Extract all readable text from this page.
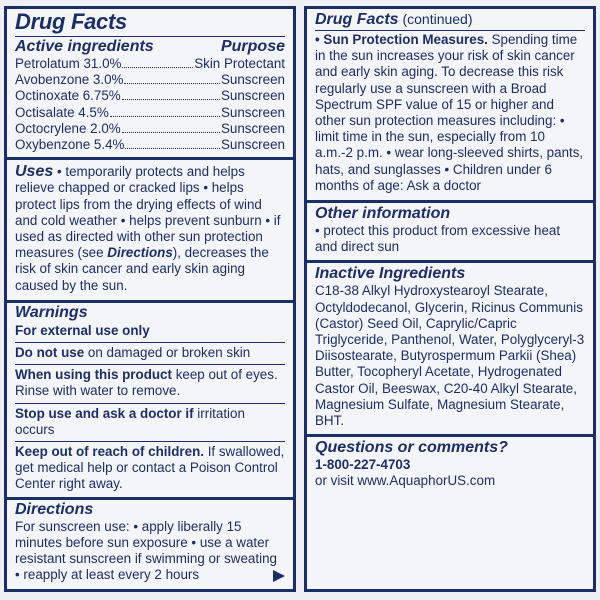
Drug Facts
Active ingredients	Purpose
Petrolatum 31.0%	Skin Protectant
Avobenzone 3.0%	Sunscreen
Octinoxate 6.75%	Sunscreen
Octisalate 4.5%	Sunscreen
Octocrylene 2.0%	Sunscreen
Oxybenzone 5.4%	Sunscreen
Uses • temporarily protects and helps relieve chapped or cracked lips • helps protect lips from the drying effects of wind and cold weather • helps prevent sunburn • if used as directed with other sun protection measures (see Directions), decreases the risk of skin cancer and early skin aging caused by the sun.
Warnings
For external use only
Do not use on damaged or broken skin
When using this product keep out of eyes. Rinse with water to remove.
Stop use and ask a doctor if irritation occurs
Keep out of reach of children. If swallowed, get medical help or contact a Poison Control Center right away.
Directions
For sunscreen use: • apply liberally 15 minutes before sun exposure • use a water resistant sunscreen if swimming or sweating • reapply at least every 2 hours
Drug Facts (continued)
• Sun Protection Measures. Spending time in the sun increases your risk of skin cancer and early skin aging. To decrease this risk regularly use a sunscreen with a Broad Spectrum SPF value of 15 or higher and other sun protection measures including: • limit time in the sun, especially from 10 a.m.-2 p.m. • wear long-sleeved shirts, pants, hats, and sunglasses • Children under 6 months of age: Ask a doctor
Other information
• protect this product from excessive heat and direct sun
Inactive Ingredients
C18-38 Alkyl Hydroxystearoyl Stearate, Octyldodecanol, Glycerin, Ricinus Communis (Castor) Seed Oil, Caprylic/Capric Triglyceride, Panthenol, Water, Polyglyceryl-3 Diisostearate, Butyrospermum Parkii (Shea) Butter, Tocopheryl Acetate, Hydrogenated Castor Oil, Beeswax, C20-40 Alkyl Stearate, Magnesium Sulfate, Magnesium Stearate, BHT.
Questions or comments?
1-800-227-4703
or visit www.AquaphorUS.com
